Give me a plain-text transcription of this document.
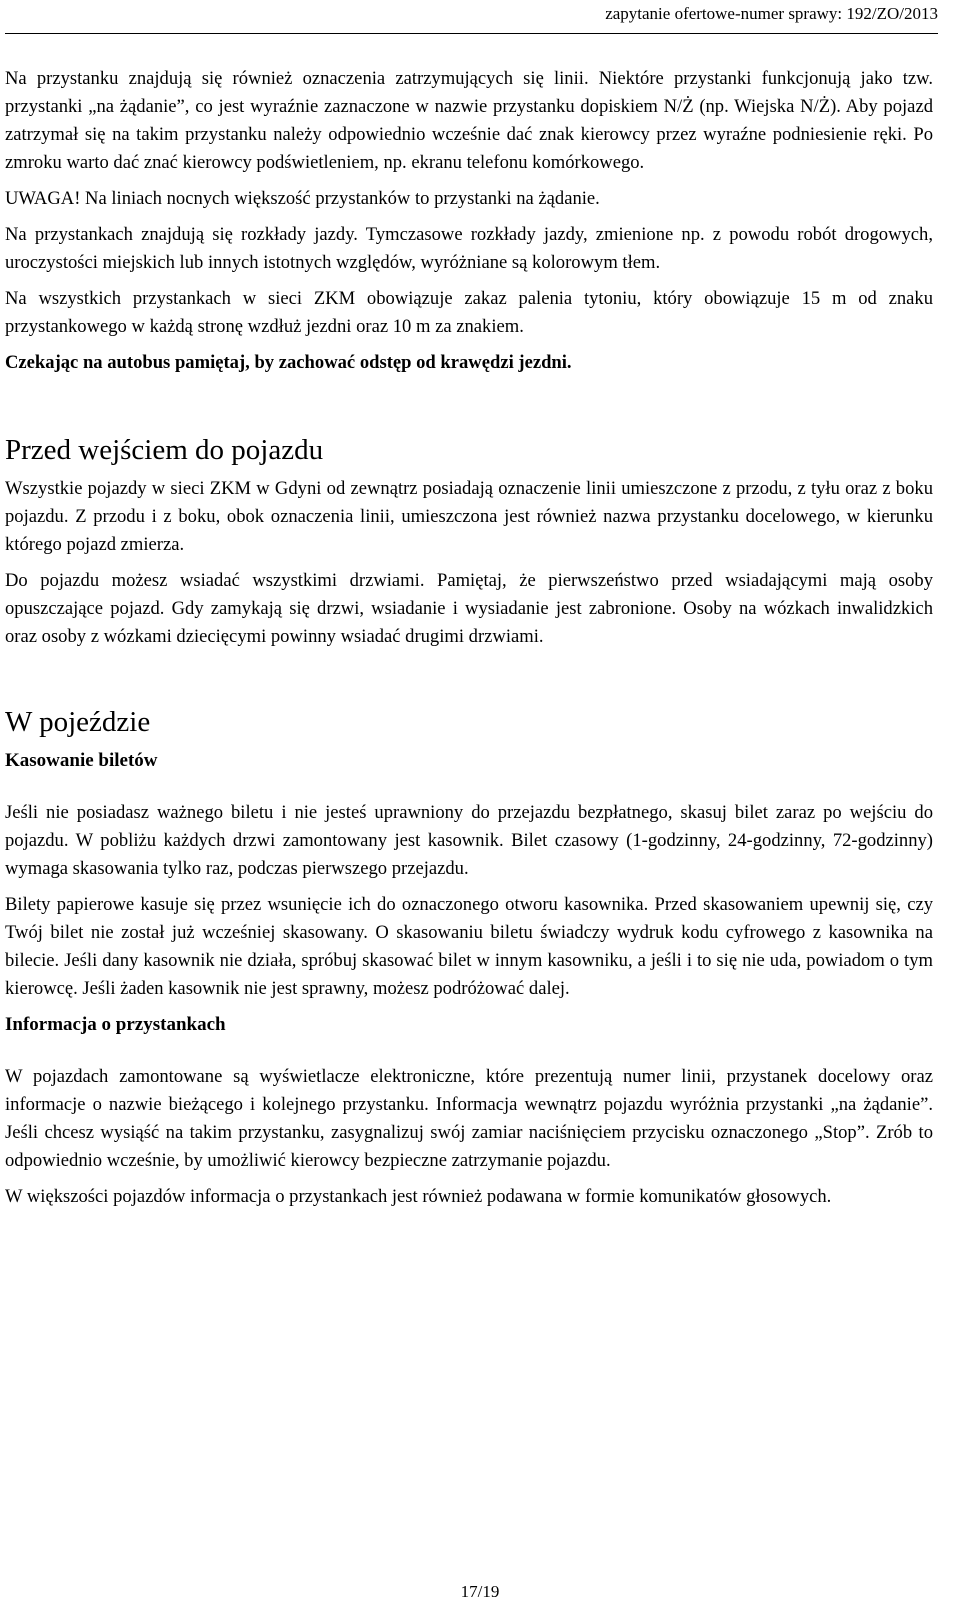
zapytanie ofertowe-numer sprawy: 192/ZO/2013

Na przystanku znajdują się również oznaczenia zatrzymujących się linii. Niektóre przystanki funkcjonują jako tzw. przystanki „na żądanie”, co jest wyraźnie zaznaczone w nazwie przystanku dopiskiem N/Ż (np. Wiejska N/Ż). Aby pojazd zatrzymał się na takim przystanku należy odpowiednio wcześnie dać znak kierowcy przez wyraźne podniesienie ręki. Po zmroku warto dać znać kierowcy podświetleniem, np. ekranu telefonu komórkowego.

UWAGA! Na liniach nocnych większość przystanków to przystanki na żądanie.

Na przystankach znajdują się rozkłady jazdy. Tymczasowe rozkłady jazdy, zmienione np. z powodu robót drogowych, uroczystości miejskich lub innych istotnych względów, wyróżniane są kolorowym tłem.

Na wszystkich przystankach w sieci ZKM obowiązuje zakaz palenia tytoniu, który obowiązuje 15 m od znaku przystankowego w każdą stronę wzdłuż jezdni oraz 10 m za znakiem.

Czekając na autobus pamiętaj, by zachować odstęp od krawędzi jezdni.

Przed wejściem do pojazdu

Wszystkie pojazdy w sieci ZKM w Gdyni od zewnątrz posiadają oznaczenie linii umieszczone z przodu, z tyłu oraz z boku pojazdu. Z przodu i z boku, obok oznaczenia linii, umieszczona jest również nazwa przystanku docelowego, w kierunku którego pojazd zmierza.

Do pojazdu możesz wsiadać wszystkimi drzwiami. Pamiętaj, że pierwszeństwo przed wsiadającymi mają osoby opuszczające pojazd. Gdy zamykają się drzwi, wsiadanie i wysiadanie jest zabronione. Osoby na wózkach inwalidzkich oraz osoby z wózkami dziecięcymi powinny wsiadać drugimi drzwiami.

W pojeździe
Kasowanie biletów

Jeśli nie posiadasz ważnego biletu i nie jesteś uprawniony do przejazdu bezpłatnego, skasuj bilet zaraz po wejściu do pojazdu. W pobliżu każdych drzwi zamontowany jest kasownik. Bilet czasowy (1-godzinny, 24-godzinny, 72-godzinny) wymaga skasowania tylko raz, podczas pierwszego przejazdu.

Bilety papierowe kasuje się przez wsunięcie ich do oznaczonego otworu kasownika. Przed skasowaniem upewnij się, czy Twój bilet nie został już wcześniej skasowany. O skasowaniu biletu świadczy wydruk kodu cyfrowego z kasownika na bilecie. Jeśli dany kasownik nie działa, spróbuj skasować bilet w innym kasowniku, a jeśli i to się nie uda, powiadom o tym kierowcę. Jeśli żaden kasownik nie jest sprawny, możesz podróżować dalej.

Informacja o przystankach

W pojazdach zamontowane są wyświetlacze elektroniczne, które prezentują numer linii, przystanek docelowy oraz informacje o nazwie bieżącego i kolejnego przystanku. Informacja wewnątrz pojazdu wyróżnia przystanki „na żądanie”. Jeśli chcesz wysiąść na takim przystanku, zasygnalizuj swój zamiar naciśnięciem przycisku oznaczonego „Stop”. Zrób to odpowiednio wcześnie, by umożliwić kierowcy bezpieczne zatrzymanie pojazdu.

W większości pojazdów informacja o przystankach jest również podawana w formie komunikatów głosowych.

17/19
